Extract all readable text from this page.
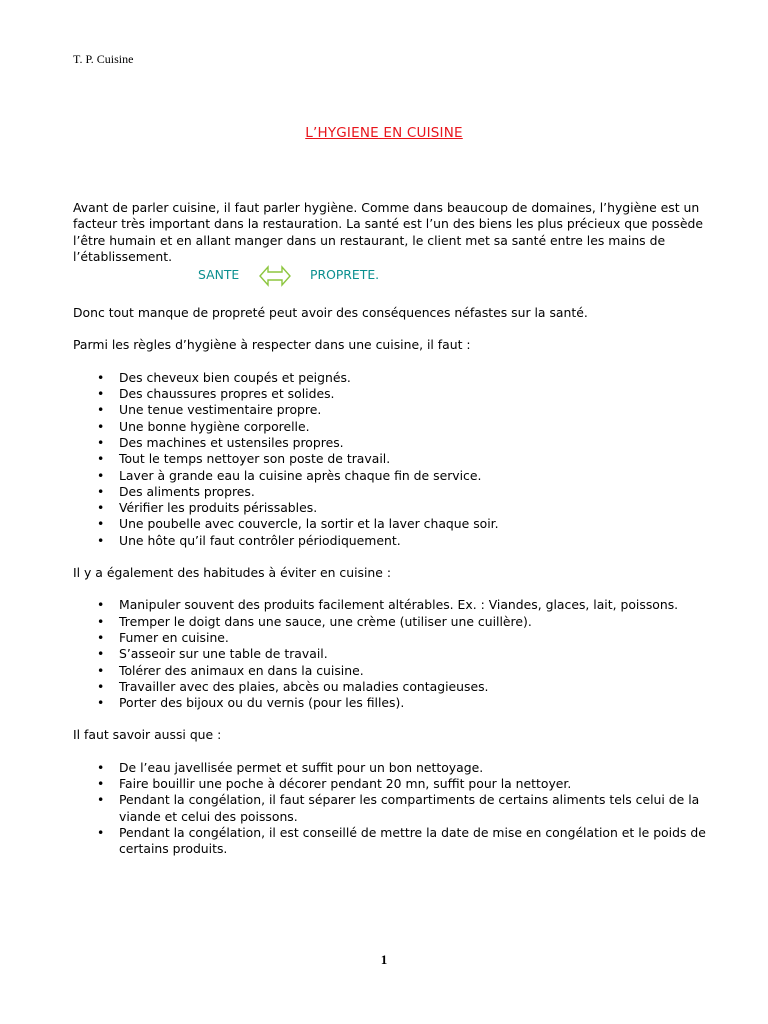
T. P. Cuisine
L’HYGIENE EN CUISINE

Avant de parler cuisine, il faut parler hygiène. Comme dans beaucoup de domaines, l’hygiène est un facteur très important dans la restauration. La santé est l’un des biens les plus précieux que possède l’être humain et en allant manger dans un restaurant, le client met sa santé entre les mains de l’établissement.

SANTE	PROPRETE.

Donc tout manque de propreté peut avoir des conséquences néfastes sur la santé.

Parmi les règles d’hygiène à respecter dans une cuisine, il faut :

• Des cheveux bien coupés et peignés.
• Des chaussures propres et solides.
• Une tenue vestimentaire propre.
• Une bonne hygiène corporelle.
• Des machines et ustensiles propres.
• Tout le temps nettoyer son poste de travail.
• Laver à grande eau la cuisine après chaque fin de service.
• Des aliments propres.
• Vérifier les produits périssables.
• Une poubelle avec couvercle, la sortir et la laver chaque soir.
• Une hôte qu’il faut contrôler périodiquement.

Il y a également des habitudes à éviter en cuisine :

• Manipuler souvent des produits facilement altérables. Ex. : Viandes, glaces, lait, poissons.
• Tremper le doigt dans une sauce, une crème (utiliser une cuillère).
• Fumer en cuisine.
• S’asseoir sur une table de travail.
• Tolérer des animaux en dans la cuisine.
• Travailler avec des plaies, abcès ou maladies contagieuses.
• Porter des bijoux ou du vernis (pour les filles).

Il faut savoir aussi que :

• De l’eau javellisée permet et suffit pour un bon nettoyage.
• Faire bouillir une poche à décorer pendant 20 mn, suffit pour la nettoyer.
• Pendant la congélation, il faut séparer les compartiments de certains aliments tels celui de la viande et celui des poissons.
• Pendant la congélation, il est conseillé de mettre la date de mise en congélation et le poids de certains produits.
1
